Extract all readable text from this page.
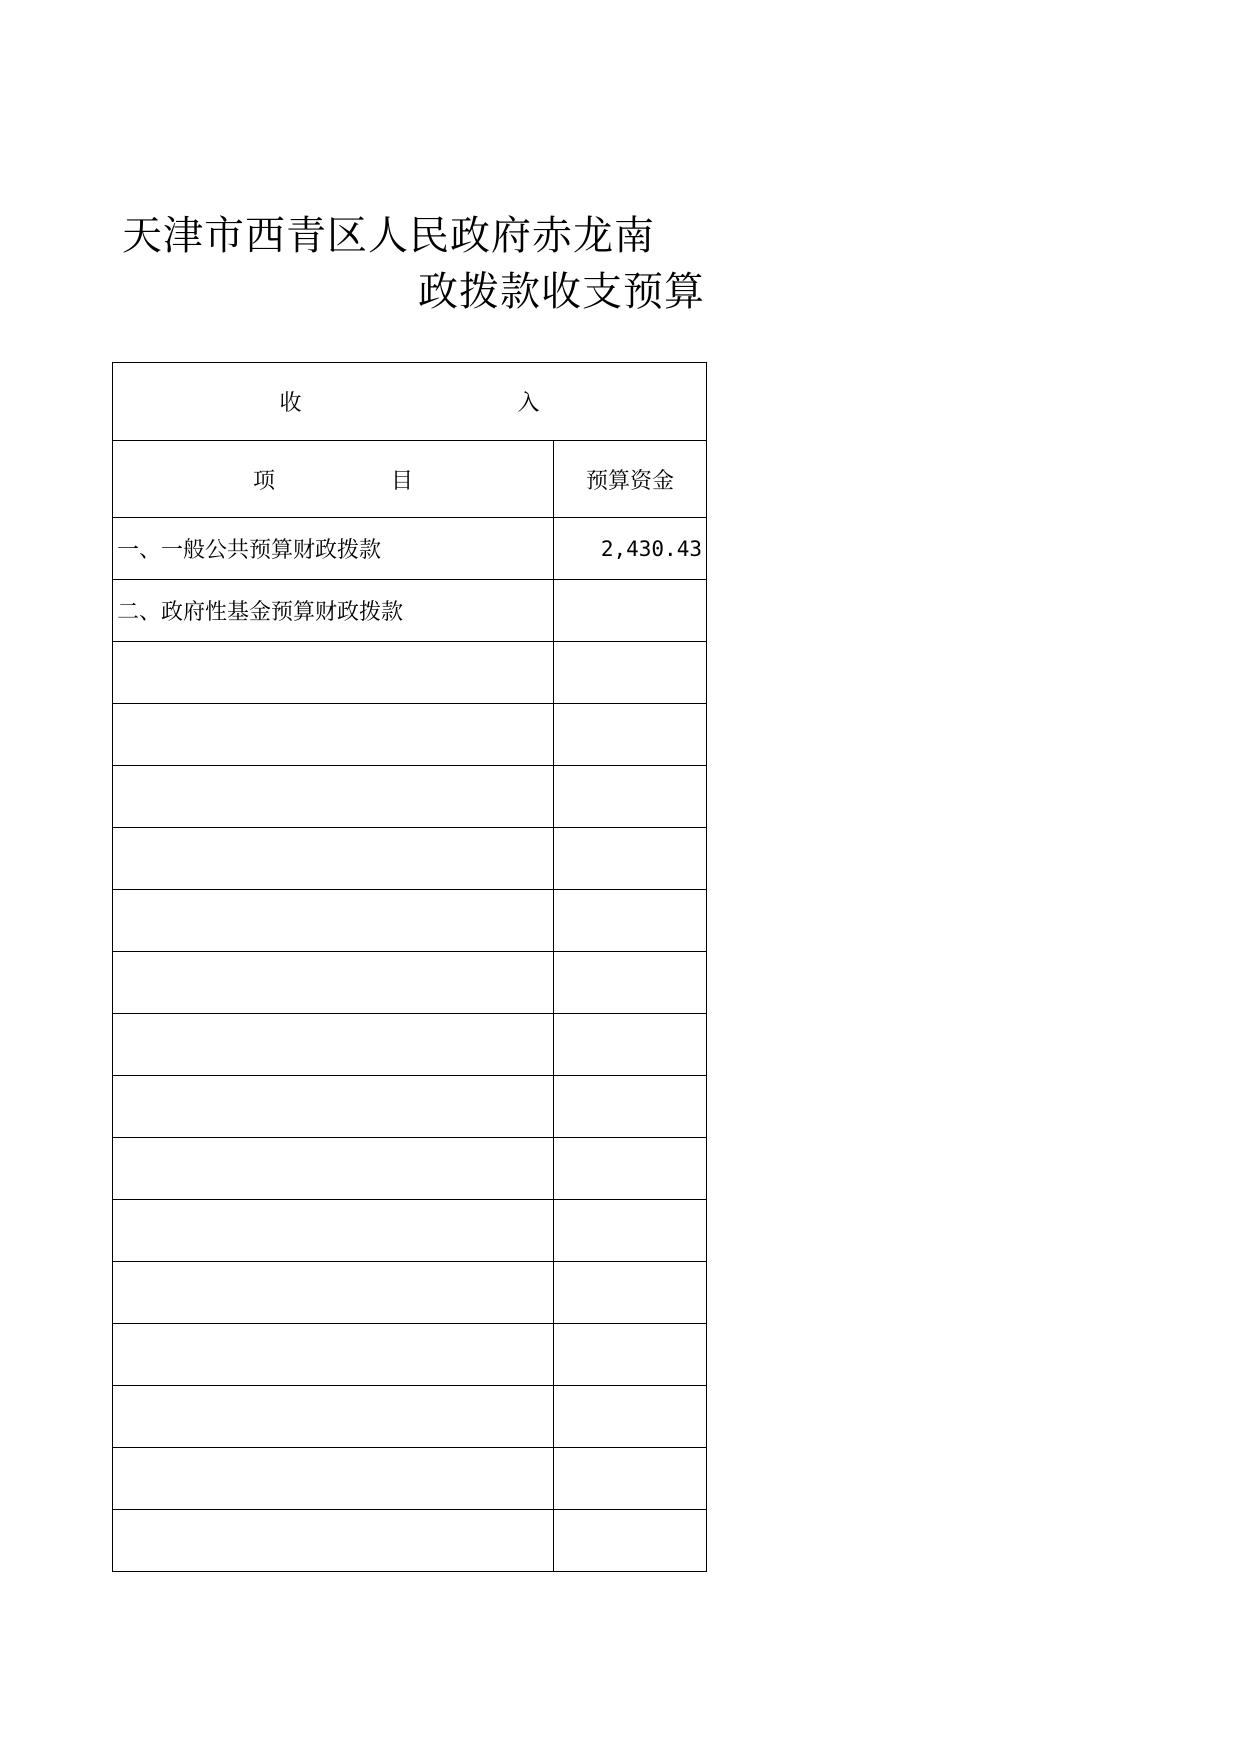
天津市西青区人民政府赤龙南
政拨款收支预算
收入	
项目	预算资金
一、一般公共预算财政拨款	2,430.43
二、政府性基金预算财政拨款	
